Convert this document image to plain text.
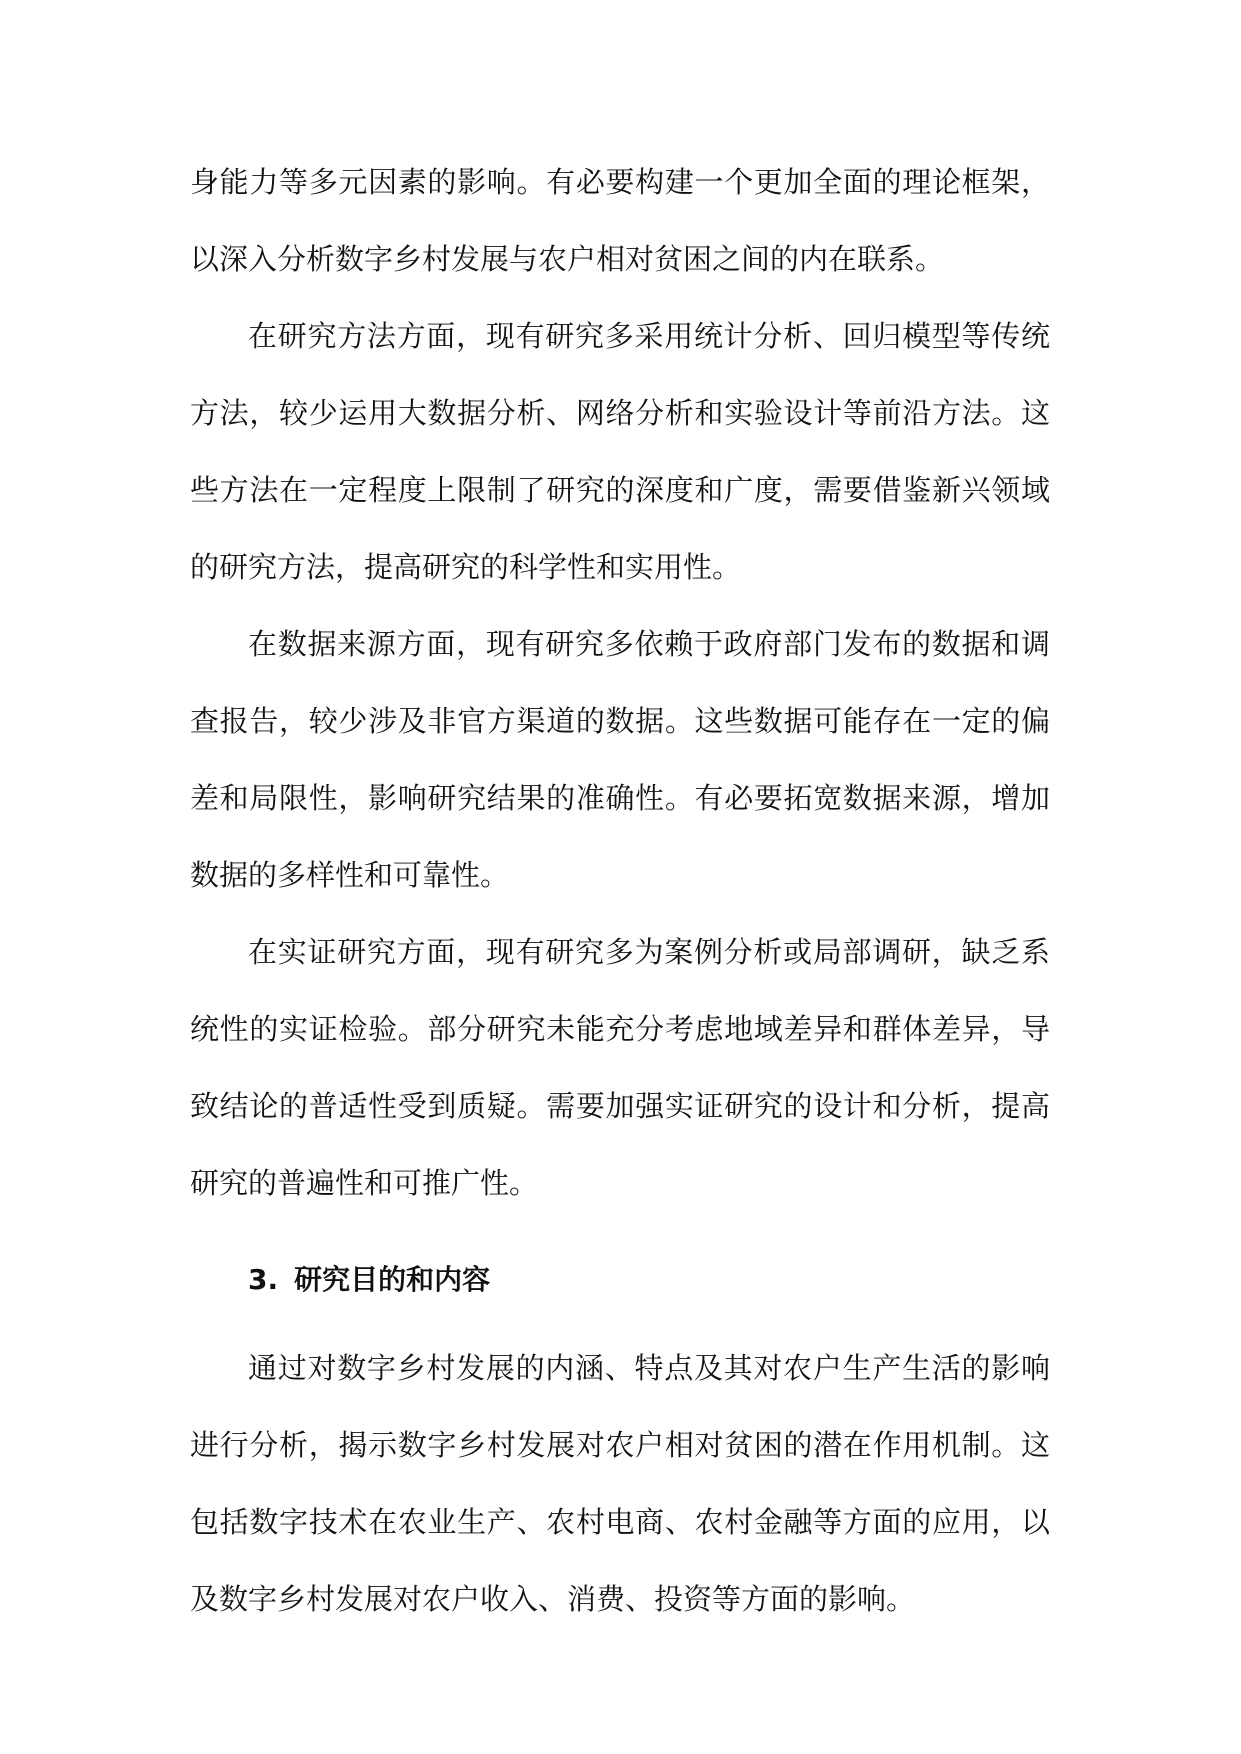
身能力等多元因素的影响。有必要构建一个更加全面的理论框架，以深入分析数字乡村发展与农户相对贫困之间的内在联系。

在研究方法方面，现有研究多采用统计分析、回归模型等传统方法，较少运用大数据分析、网络分析和实验设计等前沿方法。这些方法在一定程度上限制了研究的深度和广度，需要借鉴新兴领域的研究方法，提高研究的科学性和实用性。

在数据来源方面，现有研究多依赖于政府部门发布的数据和调查报告，较少涉及非官方渠道的数据。这些数据可能存在一定的偏差和局限性，影响研究结果的准确性。有必要拓宽数据来源，增加数据的多样性和可靠性。

在实证研究方面，现有研究多为案例分析或局部调研，缺乏系统性的实证检验。部分研究未能充分考虑地域差异和群体差异，导致结论的普适性受到质疑。需要加强实证研究的设计和分析，提高研究的普遍性和可推广性。

3. 研究目的和内容

通过对数字乡村发展的内涵、特点及其对农户生产生活的影响进行分析，揭示数字乡村发展对农户相对贫困的潜在作用机制。这包括数字技术在农业生产、农村电商、农村金融等方面的应用，以及数字乡村发展对农户收入、消费、投资等方面的影响。
